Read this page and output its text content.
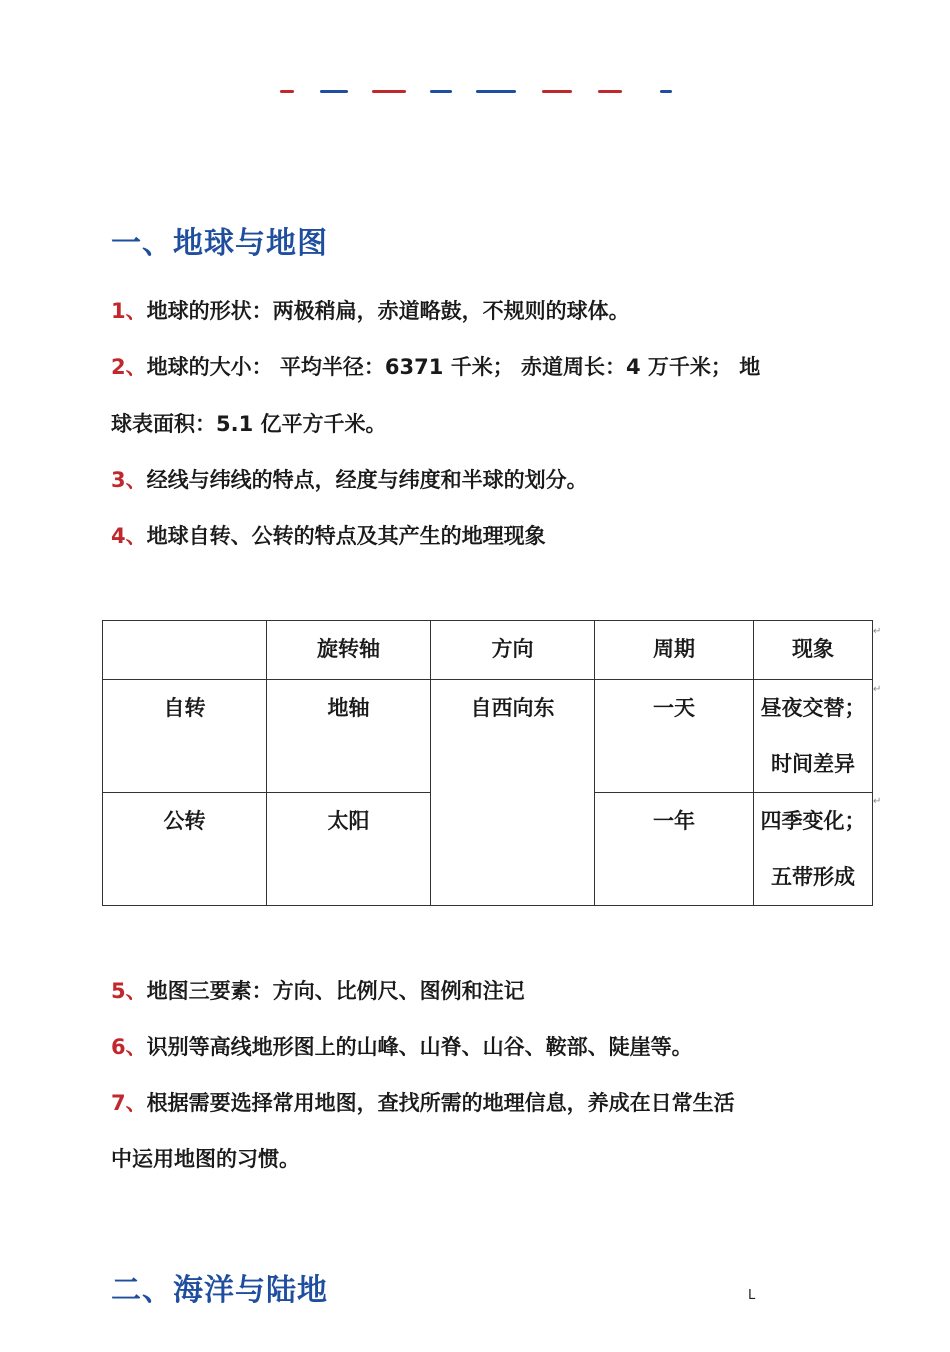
一、地球与地图
1、地球的形状：两极稍扁，赤道略鼓，不规则的球体。
2、地球的大小： 平均半径：6371 千米； 赤道周长：4 万千米； 地
球表面积：5.1 亿平方千米。
3、经线与纬线的特点，经度与纬度和半球的划分。
4、地球自转、公转的特点及其产生的地理现象
	旋转轴	方向	周期	现象
自转	地轴	自西向东	一天	昼夜交替；
时间差异

公转	太阳		一年	四季变化；
五带形成
↵
↵
↵
5、地图三要素：方向、比例尺、图例和注记
6、识别等高线地形图上的山峰、山脊、山谷、鞍部、陡崖等。
7、根据需要选择常用地图，查找所需的地理信息，养成在日常生活
中运用地图的习惯。
二、海洋与陆地	L
